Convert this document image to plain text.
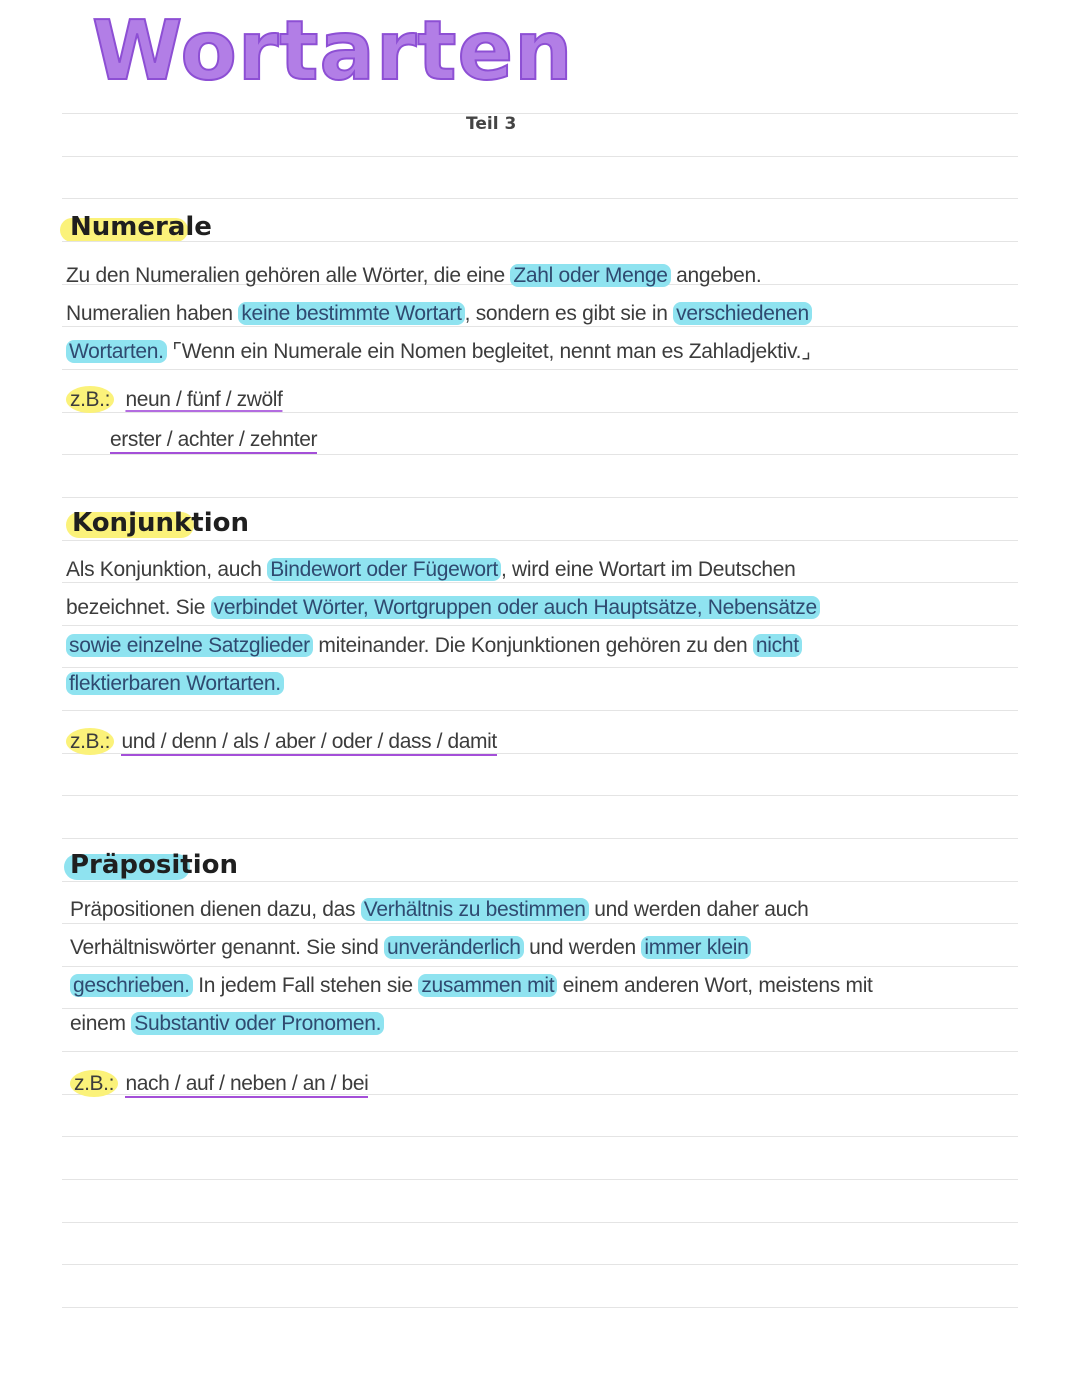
Wortarten
Teil 3
Numerale
Zu den Numeralien gehören alle Wörter, die eine Zahl oder Menge angeben.
Numeralien haben keine bestimmte Wortart , sondern es gibt sie in verschiedenen
Wortarten. ⌜Wenn ein Numerale ein Nomen begleitet, nennt man es Zahladjektiv.⌟
z.B.: neun / fünf / zwölf
erster / achter / zehnter
Konjunktion
Als Konjunktion, auch Bindewort oder Fügewort , wird eine Wortart im Deutschen
bezeichnet. Sie verbindet Wörter, Wortgruppen oder auch Hauptsätze, Nebensätze
sowie einzelne Satzglieder miteinander. Die Konjunktionen gehören zu den nicht
flektierbaren Wortarten.
z.B.: und / denn / als / aber / oder / dass / damit
Präposition
Präpositionen dienen dazu, das Verhältnis zu bestimmen und werden daher auch
Verhältniswörter genannt. Sie sind unveränderlich und werden immer klein
geschrieben. In jedem Fall stehen sie zusammen mit einem anderen Wort, meistens mit
einem Substantiv oder Pronomen.
z.B.: nach / auf / neben / an / bei
